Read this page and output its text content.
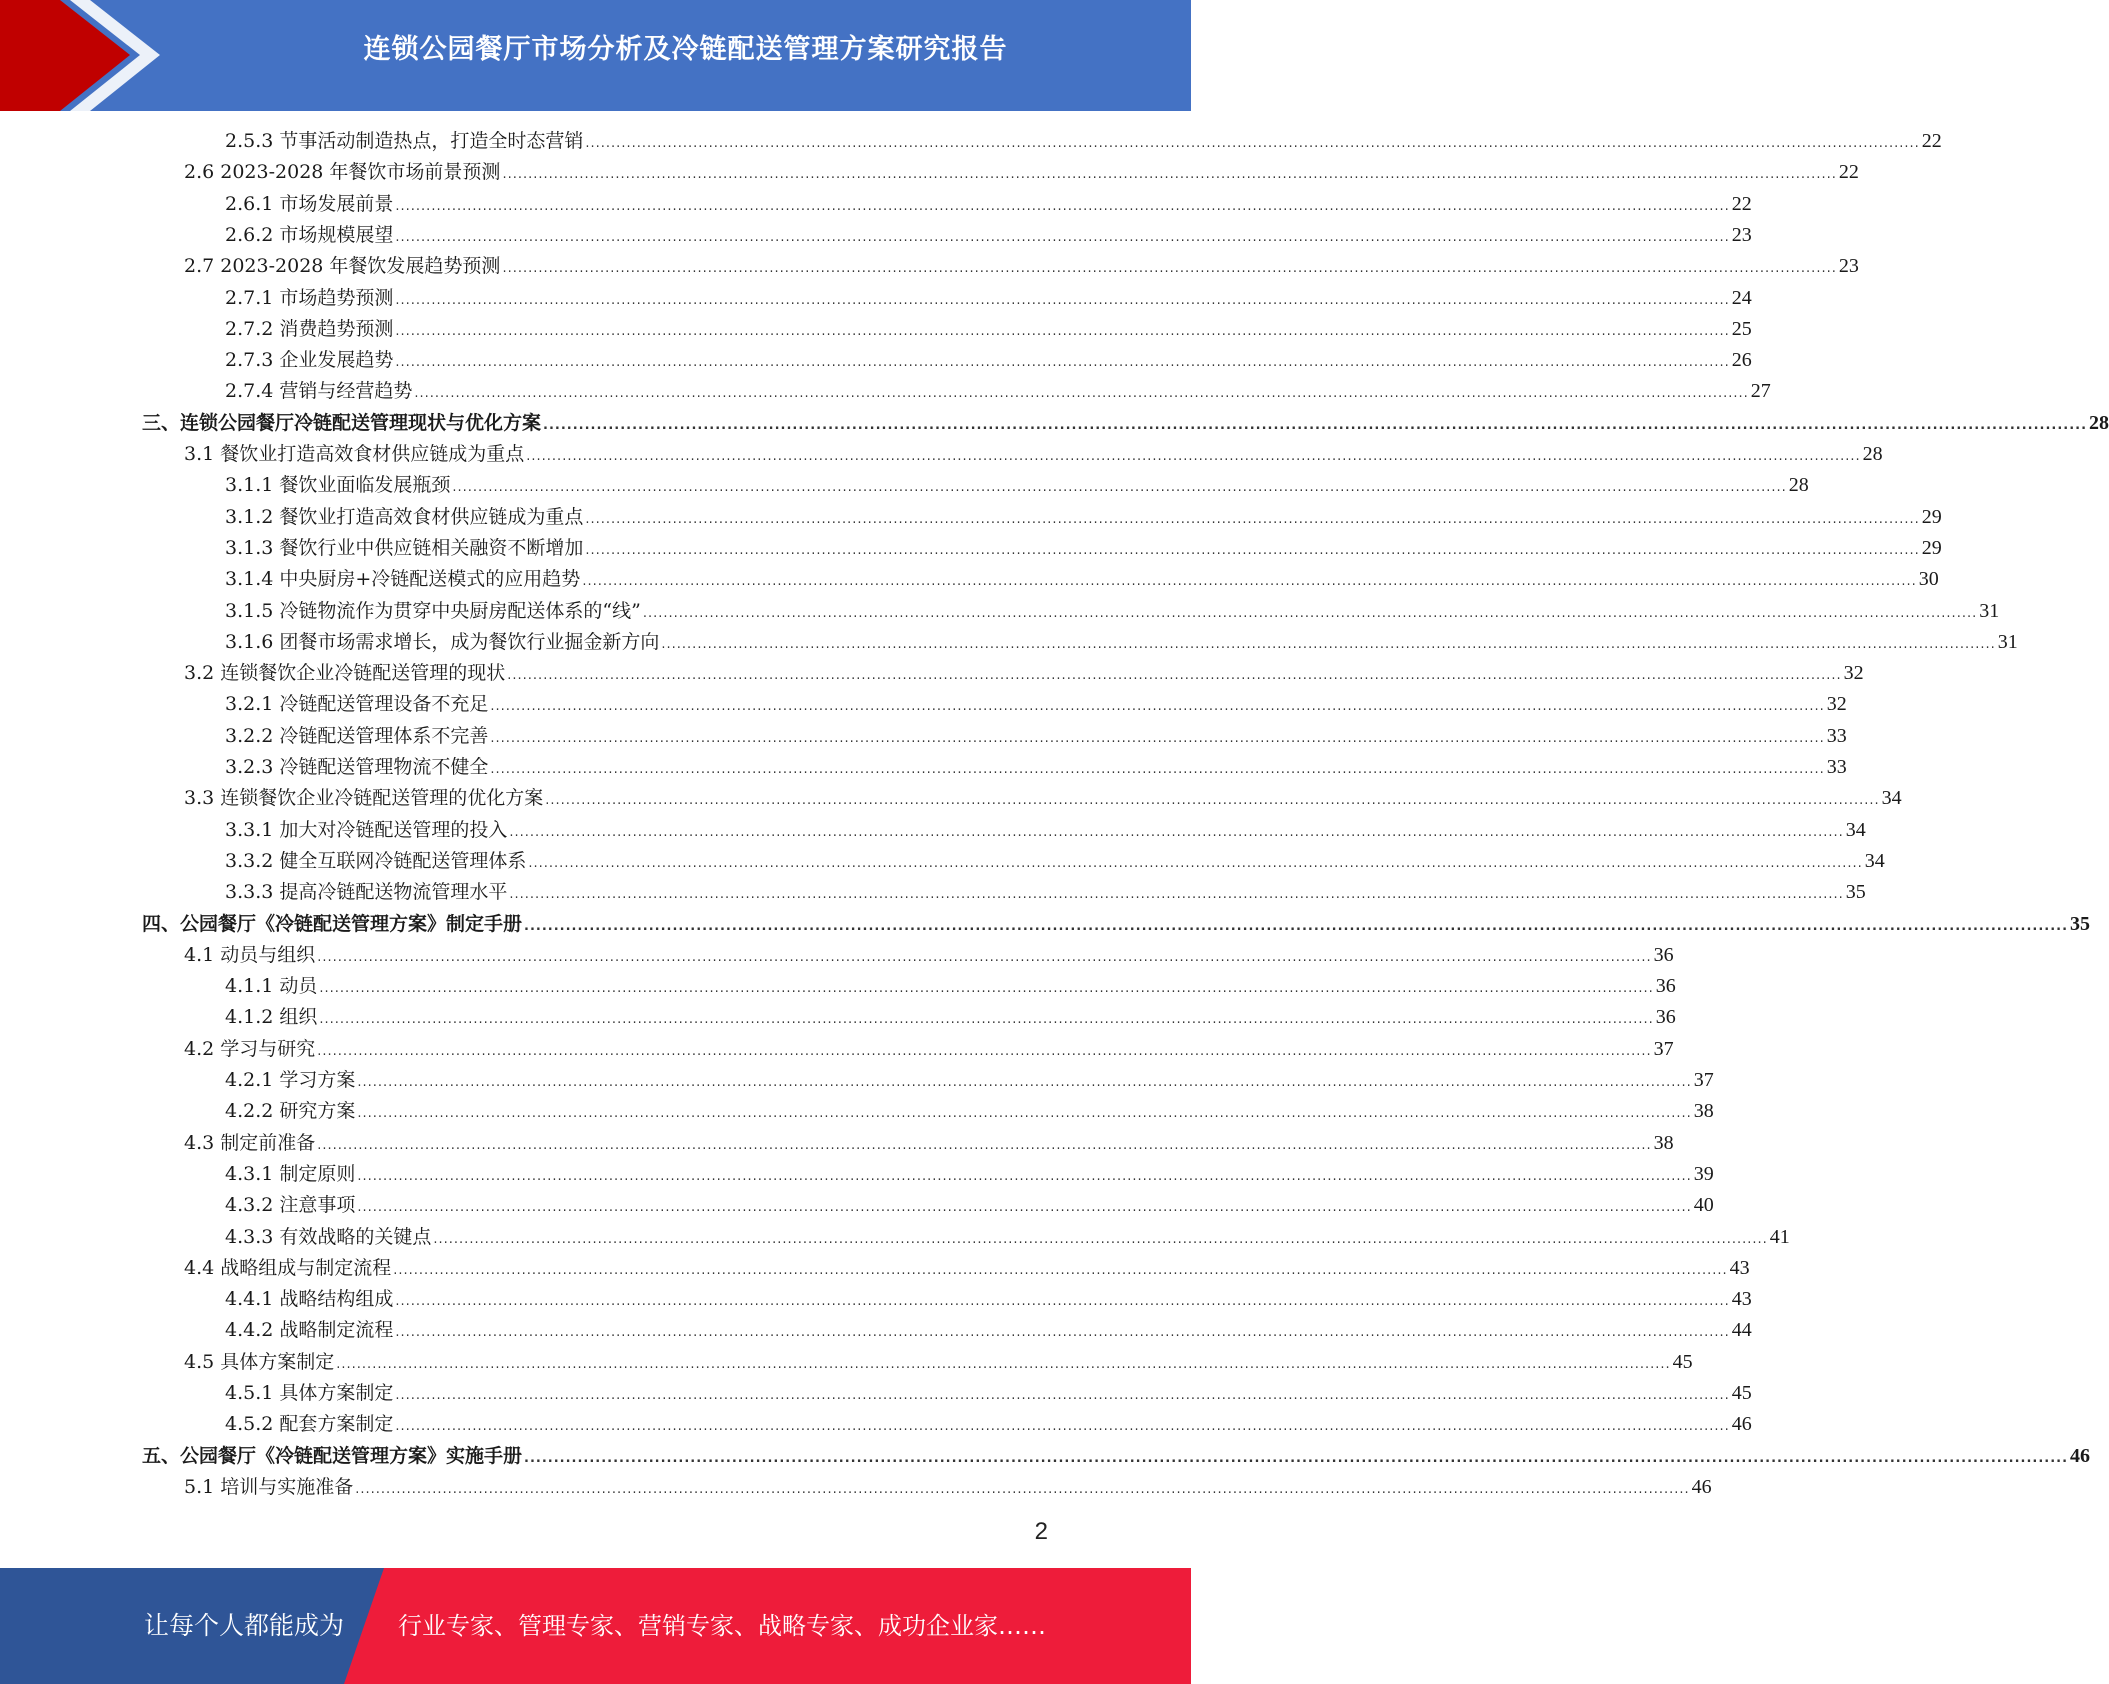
连锁公园餐厅市场分析及冷链配送管理方案研究报告
2.5.3 节事活动制造热点，打造全时态营销 .................................................................................................................................................................................................................................................................... 22
2.6 2023-2028 年餐饮市场前景预测 .................................................................................................................................................................................................................................................................... 22
2.6.1 市场发展前景 .................................................................................................................................................................................................................................................................... 22
2.6.2 市场规模展望 .................................................................................................................................................................................................................................................................... 23
2.7 2023-2028 年餐饮发展趋势预测 .................................................................................................................................................................................................................................................................... 23
2.7.1 市场趋势预测 .................................................................................................................................................................................................................................................................... 24
2.7.2 消费趋势预测 .................................................................................................................................................................................................................................................................... 25
2.7.3 企业发展趋势 .................................................................................................................................................................................................................................................................... 26
2.7.4 营销与经营趋势 .................................................................................................................................................................................................................................................................... 27
三、连锁公园餐厅冷链配送管理现状与优化方案 .................................................................................................................................................................................................................................................................... 28
3.1 餐饮业打造高效食材供应链成为重点 .................................................................................................................................................................................................................................................................... 28
3.1.1 餐饮业面临发展瓶颈 .................................................................................................................................................................................................................................................................... 28
3.1.2 餐饮业打造高效食材供应链成为重点 .................................................................................................................................................................................................................................................................... 29
3.1.3 餐饮行业中供应链相关融资不断增加 .................................................................................................................................................................................................................................................................... 29
3.1.4 中央厨房+冷链配送模式的应用趋势 .................................................................................................................................................................................................................................................................... 30
3.1.5 冷链物流作为贯穿中央厨房配送体系的“线” .................................................................................................................................................................................................................................................................... 31
3.1.6 团餐市场需求增长，成为餐饮行业掘金新方向 .................................................................................................................................................................................................................................................................... 31
3.2 连锁餐饮企业冷链配送管理的现状 .................................................................................................................................................................................................................................................................... 32
3.2.1 冷链配送管理设备不充足 .................................................................................................................................................................................................................................................................... 32
3.2.2 冷链配送管理体系不完善 .................................................................................................................................................................................................................................................................... 33
3.2.3 冷链配送管理物流不健全 .................................................................................................................................................................................................................................................................... 33
3.3 连锁餐饮企业冷链配送管理的优化方案 .................................................................................................................................................................................................................................................................... 34
3.3.1 加大对冷链配送管理的投入 .................................................................................................................................................................................................................................................................... 34
3.3.2 健全互联网冷链配送管理体系 .................................................................................................................................................................................................................................................................... 34
3.3.3 提高冷链配送物流管理水平 .................................................................................................................................................................................................................................................................... 35
四、公园餐厅《冷链配送管理方案》制定手册 .................................................................................................................................................................................................................................................................... 35
4.1 动员与组织 .................................................................................................................................................................................................................................................................... 36
4.1.1 动员 .................................................................................................................................................................................................................................................................... 36
4.1.2 组织 .................................................................................................................................................................................................................................................................... 36
4.2 学习与研究 .................................................................................................................................................................................................................................................................... 37
4.2.1 学习方案 .................................................................................................................................................................................................................................................................... 37
4.2.2 研究方案 .................................................................................................................................................................................................................................................................... 38
4.3 制定前准备 .................................................................................................................................................................................................................................................................... 38
4.3.1 制定原则 .................................................................................................................................................................................................................................................................... 39
4.3.2 注意事项 .................................................................................................................................................................................................................................................................... 40
4.3.3 有效战略的关键点 .................................................................................................................................................................................................................................................................... 41
4.4 战略组成与制定流程 .................................................................................................................................................................................................................................................................... 43
4.4.1 战略结构组成 .................................................................................................................................................................................................................................................................... 43
4.4.2 战略制定流程 .................................................................................................................................................................................................................................................................... 44
4.5 具体方案制定 .................................................................................................................................................................................................................................................................... 45
4.5.1 具体方案制定 .................................................................................................................................................................................................................................................................... 45
4.5.2 配套方案制定 .................................................................................................................................................................................................................................................................... 46
五、公园餐厅《冷链配送管理方案》实施手册 .................................................................................................................................................................................................................................................................... 46
5.1 培训与实施准备 .................................................................................................................................................................................................................................................................... 46
2
让每个人都能成为 行业专家、管理专家、营销专家、战略专家、成功企业家……
